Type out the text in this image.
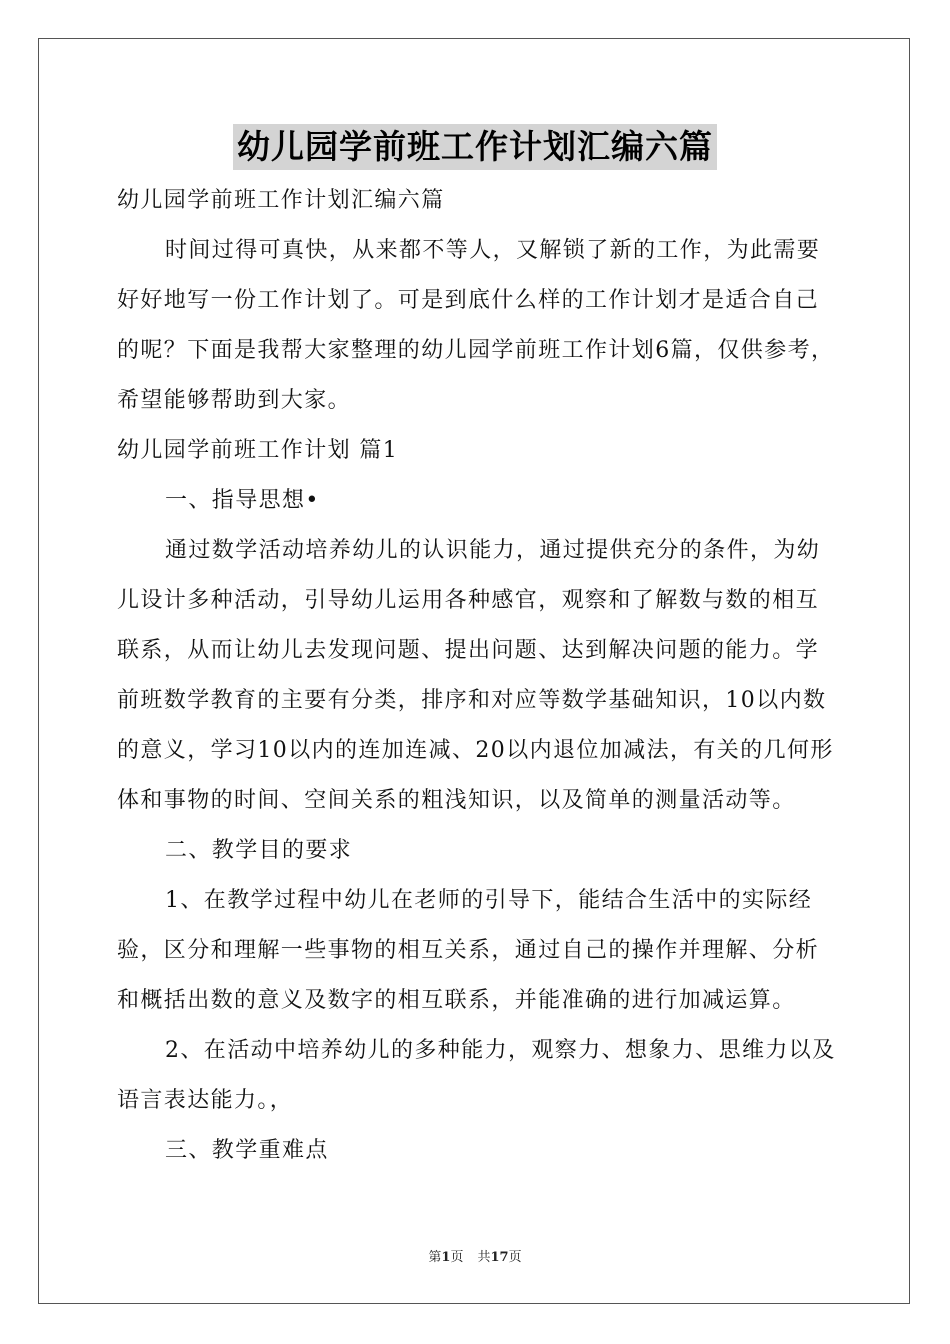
幼儿园学前班工作计划汇编六篇

幼儿园学前班工作计划汇编六篇

时间过得可真快，从来都不等人，又解锁了新的工作，为此需要好好地写一份工作计划了。可是到底什么样的工作计划才是适合自己的呢？下面是我帮大家整理的幼儿园学前班工作计划6篇，仅供参考，希望能够帮助到大家。

幼儿园学前班工作计划 篇1

一、指导思想•

通过数学活动培养幼儿的认识能力，通过提供充分的条件，为幼儿设计多种活动，引导幼儿运用各种感官，观察和了解数与数的相互联系，从而让幼儿去发现问题、提出问题、达到解决问题的能力。学前班数学教育的主要有分类，排序和对应等数学基础知识，10以内数的意义，学习10以内的连加连减、20以内退位加减法，有关的几何形体和事物的时间、空间关系的粗浅知识，以及简单的测量活动等。

二、教学目的要求

1、在教学过程中幼儿在老师的引导下，能结合生活中的实际经验，区分和理解一些事物的相互关系，通过自己的操作并理解、分析和概括出数的意义及数字的相互联系，并能准确的进行加减运算。

2、在活动中培养幼儿的多种能力，观察力、想象力、思维力以及语言表达能力。，

三、教学重难点

第1页 共17页
